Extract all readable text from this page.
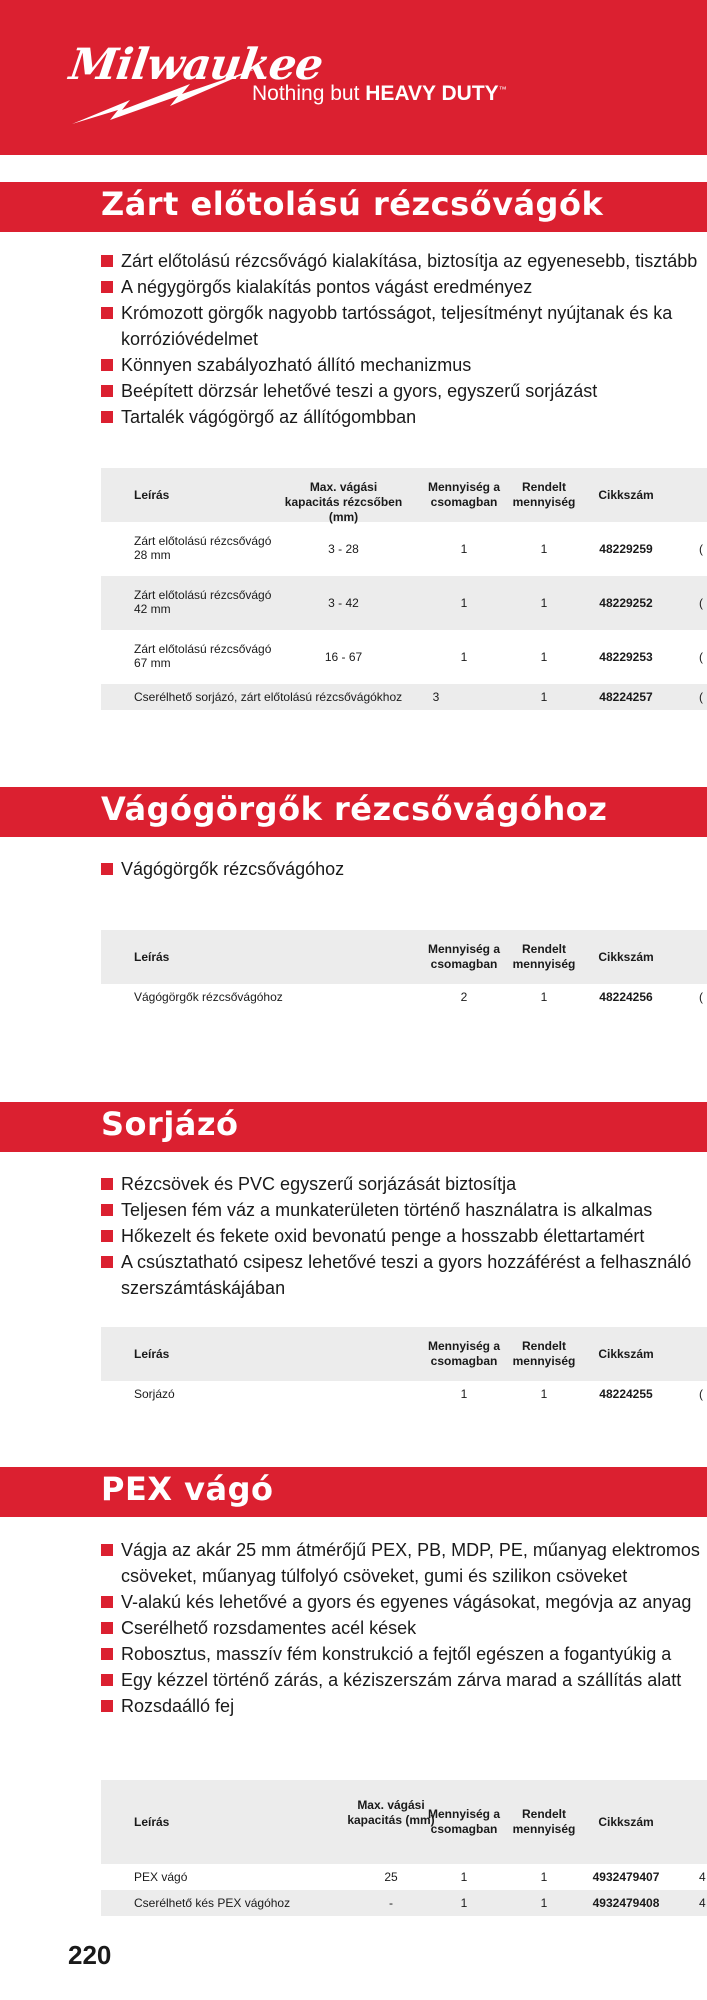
Milwaukee
Nothing but HEAVY DUTY™
Zárt előtolású rézcsővágók
Zárt előtolású rézcsővágó kialakítása, biztosítja az egyenesebb, tisztább
A négygörgős kialakítás pontos vágást eredményez
Krómozott görgők nagyobb tartósságot, teljesítményt nyújtanak és ka
korrózióvédelmet
Könnyen szabályozható állító mechanizmus
Beépített dörzsár lehetővé teszi a gyors, egyszerű sorjázást
Tartalék vágógörgő az állítógombban
Leírás
Max. vágási kapacitás rézcsőben (mm)
Mennyiség a csomagban
Rendelt mennyiség	Cikkszám
Zárt előtolású rézcsővágó 28 mm	3 - 28	1	1	48229259	(
Zárt előtolású rézcsővágó 42 mm	3 - 42	1	1	48229252	(
Zárt előtolású rézcsővágó 67 mm	16 - 67	1	1	48229253	(
Cserélhető sorjázó, zárt előtolású rézcsővágókhoz	3	1	48224257	(
Vágógörgők rézcsővágóhoz
Vágógörgők rézcsővágóhoz
Leírás
Mennyiség a csomagban
Rendelt mennyiség	Cikkszám
Vágógörgők rézcsővágóhoz	2	1	48224256	(
Sorjázó
Rézcsövek és PVC egyszerű sorjázását biztosítja
Teljesen fém váz a munkaterületen történő használatra is alkalmas
Hőkezelt és fekete oxid bevonatú penge a hosszabb élettartamért
A csúsztatható csipesz lehetővé teszi a gyors hozzáférést a felhasználó
szerszámtáskájában
Leírás
Mennyiség a csomagban
Rendelt mennyiség	Cikkszám
Sorjázó	1	1	48224255	(
PEX vágó
Vágja az akár 25 mm átmérőjű PEX, PB, MDP, PE, műanyag elektromos
csöveket, műanyag túlfolyó csöveket, gumi és szilikon csöveket
V-alakú kés lehetővé a gyors és egyenes vágásokat, megóvja az anyag
Cserélhető rozsdamentes acél kések
Robosztus, masszív fém konstrukció a fejtől egészen a fogantyúkig a
Egy kézzel történő zárás, a kéziszerszám zárva marad a szállítás alatt
Rozsdaálló fej
Leírás
Max. vágási kapacitás (mm)
Mennyiség a csomagban
Rendelt mennyiség	Cikkszám
PEX vágó	25	1	1	4932479407	4
Cserélhető kés PEX vágóhoz	-	1	1	4932479408	4
220
